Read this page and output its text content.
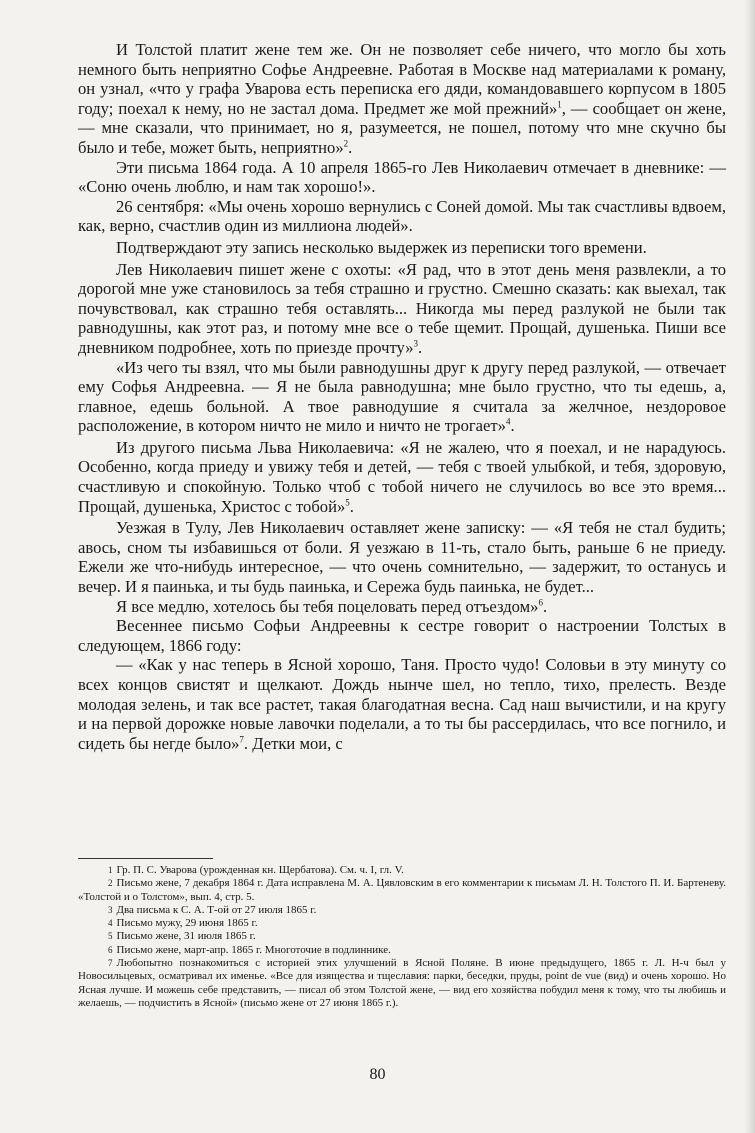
И Толстой платит жене тем же. Он не позволяет себе ничего, что могло бы хоть немного быть неприятно Софье Андреевне. Работая в Москве над материалами к роману, он узнал, «что у графа Уварова есть переписка его дяди, командовавшего корпусом в 1805 году; поехал к нему, но не застал дома. Предмет же мой прежний»$^1$, — сообщает он жене, — мне сказали, что принимает, но я, разумеется, не пошел, потому что мне скучно бы было и тебе, может быть, неприятно»$^2$.

Эти письма 1864 года. А 10 апреля 1865-го Лев Николаевич отмечает в дневнике: — «Соню очень люблю, и нам так хорошо!».

26 сентября: «Мы очень хорошо вернулись с Соней домой. Мы так счастливы вдвоем, как, верно, счастлив один из миллиона людей».

Подтверждают эту запись несколько выдержек из переписки того времени.

Лев Николаевич пишет жене с охоты: «Я рад, что в этот день меня развлекли, а то дорогой мне уже становилось за тебя страшно и грустно. Смешно сказать: как выехал, так почувствовал, как страшно тебя оставлять... Никогда мы перед разлукой не были так равнодушны, как этот раз, и потому мне все о тебе щемит. Прощай, душенька. Пиши все дневником подробнее, хоть по приезде прочту»$^3$.

«Из чего ты взял, что мы были равнодушны друг к другу перед разлукой, — отвечает ему Софья Андреевна. — Я не была равнодушна; мне было грустно, что ты едешь, а, главное, едешь больной. А твое равнодушие я считала за желчное, нездоровое расположение, в котором ничто не мило и ничто не трогает»$^4$.

Из другого письма Льва Николаевича: «Я не жалею, что я поехал, и не нарадуюсь. Особенно, когда приеду и увижу тебя и детей, — тебя с твоей улыбкой, и тебя, здоровую, счастливую и спокойную. Только чтоб с тобой ничего не случилось во все это время... Прощай, душенька, Христос с тобой»$^5$.

Уезжая в Тулу, Лев Николаевич оставляет жене записку: — «Я тебя не стал будить; авось, сном ты избавишься от боли. Я уезжаю в 11-ть, стало быть, раньше 6 не приеду. Ежели же что-нибудь интересное, — что очень сомнительно, — задержит, то останусь и вечер. И я паинька, и ты будь паинька, и Сережа будь паинька, не будет...

Я все медлю, хотелось бы тебя поцеловать перед отъездом»$^6$.

Весеннее письмо Софьи Андреевны к сестре говорит о настроении Толстых в следующем, 1866 году:

— «Как у нас теперь в Ясной хорошо, Таня. Просто чудо! Соловьи в эту минуту со всех концов свистят и щелкают. Дождь нынче шел, но тепло, тихо, прелесть. Везде молодая зелень, и так все растет, такая благодатная весна. Сад наш вычистили, и на кругу и на первой дорожке новые лавочки поделали, а то ты бы рассердилась, что все погнило, и сидеть бы негде было»$^7$. Детки мои, с

1 Гр. П. С. Уварова (урожденная кн. Щербатова). См. ч. I, гл. V.

2 Письмо жене, 7 декабря 1864 г. Дата исправлена М. А. Цявловским в его комментарии к письмам Л. Н. Толстого П. И. Бартеневу. «Толстой и о Толстом», вып. 4, стр. 5.

3 Два письма к С. А. Т-ой от 27 июля 1865 г.

4 Письмо мужу, 29 июня 1865 г.

5 Письмо жене, 31 июля 1865 г.

6 Письмо жене, март-апр. 1865 г. Многоточие в подлиннике.

7 Любопытно познакомиться с историей этих улучшений в Ясной Поляне. В июне предыдущего, 1865 г. Л. Н-ч был у Новосильцевых, осматривал их именье. «Все для изящества и тщеславия: парки, беседки, пруды, point de vue (вид) и очень хорошо. Но Ясная лучше. И можешь себе представить, — писал об этом Толстой жене, — вид его хозяйства побудил меня к тому, что ты любишь и желаешь, — подчистить в Ясной» (письмо жене от 27 июня 1865 г.).

80
